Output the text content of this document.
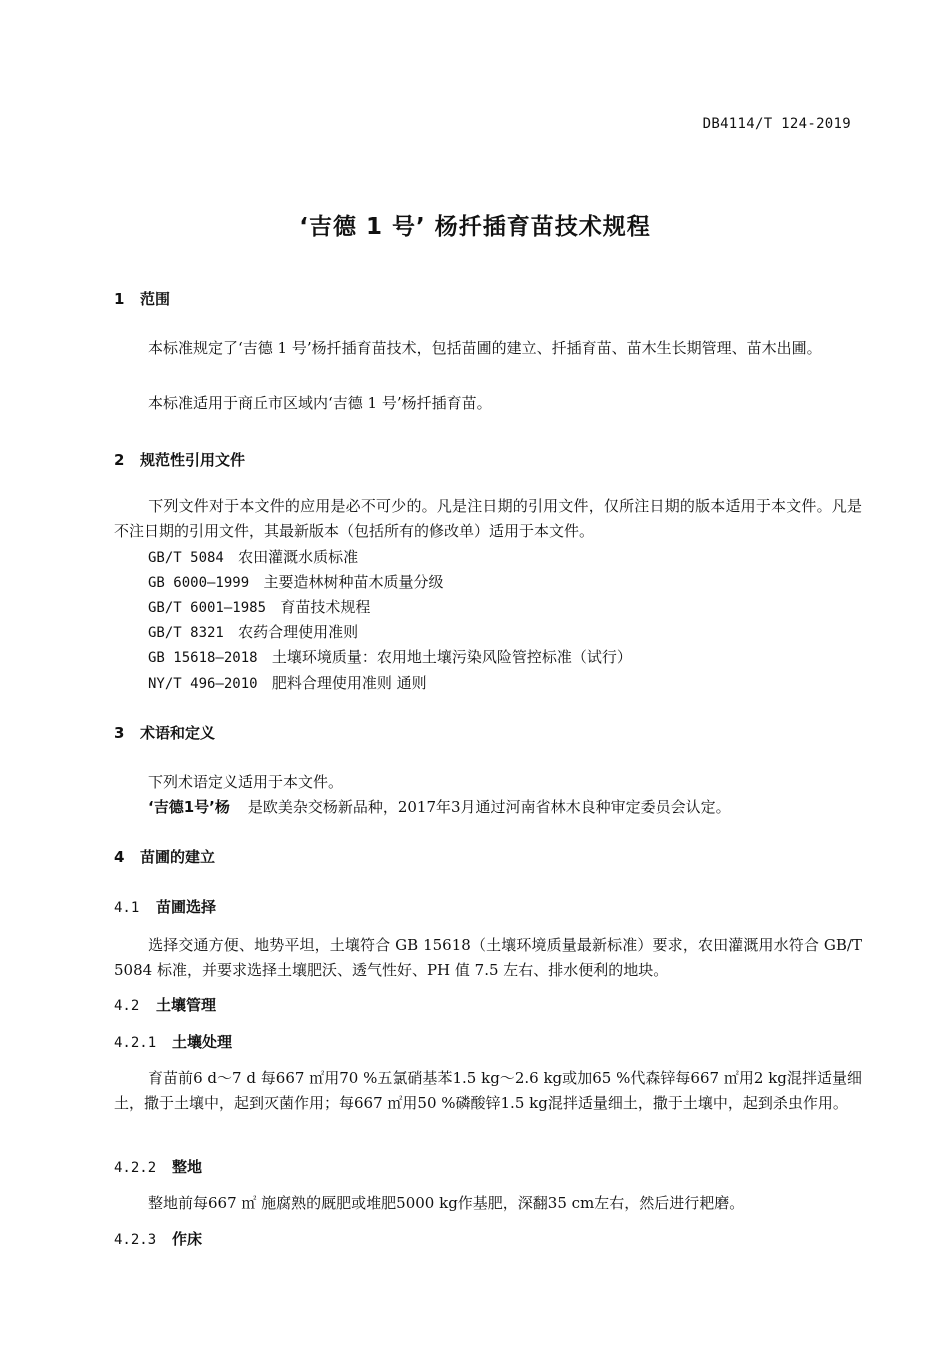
DB4114/T 124-2019
‘吉德 1 号’ 杨扦插育苗技术规程
1 范围
本标准规定了‘吉德 1 号’杨扦插育苗技术，包括苗圃的建立、扦插育苗、苗木生长期管理、苗木出圃。
本标准适用于商丘市区域内‘吉德 1 号’杨扦插育苗。
2 规范性引用文件
下列文件对于本文件的应用是必不可少的。凡是注日期的引用文件，仅所注日期的版本适用于本文件。凡是不注日期的引用文件，其最新版本（包括所有的修改单）适用于本文件。
GB/T 5084 农田灌溉水质标准
GB 6000—1999 主要造林树种苗木质量分级
GB/T 6001—1985 育苗技术规程
GB/T 8321 农药合理使用准则
GB 15618—2018 土壤环境质量：农用地土壤污染风险管控标准（试行）
NY/T 496—2010 肥料合理使用准则 通则
3 术语和定义
下列术语定义适用于本文件。
‘吉德1号’杨 是欧美杂交杨新品种，2017年3月通过河南省林木良种审定委员会认定。
4 苗圃的建立
4.1 苗圃选择
选择交通方便、地势平坦，土壤符合 GB 15618（土壤环境质量最新标准）要求，农田灌溉用水符合 GB/T 5084 标准，并要求选择土壤肥沃、透气性好、PH 值 7.5 左右、排水便利的地块。
4.2 土壤管理
4.2.1 土壤处理
育苗前6 d～7 d 每667 ㎡用70 %五氯硝基苯1.5 kg～2.6 kg或加65 %代森锌每667 ㎡用2 kg混拌适量细土，撒于土壤中，起到灭菌作用；每667 ㎡用50 %磷酸锌1.5 kg混拌适量细土，撒于土壤中，起到杀虫作用。
4.2.2 整地
整地前每667 ㎡ 施腐熟的厩肥或堆肥5000 kg作基肥，深翻35 cm左右，然后进行耙磨。
4.2.3 作床
